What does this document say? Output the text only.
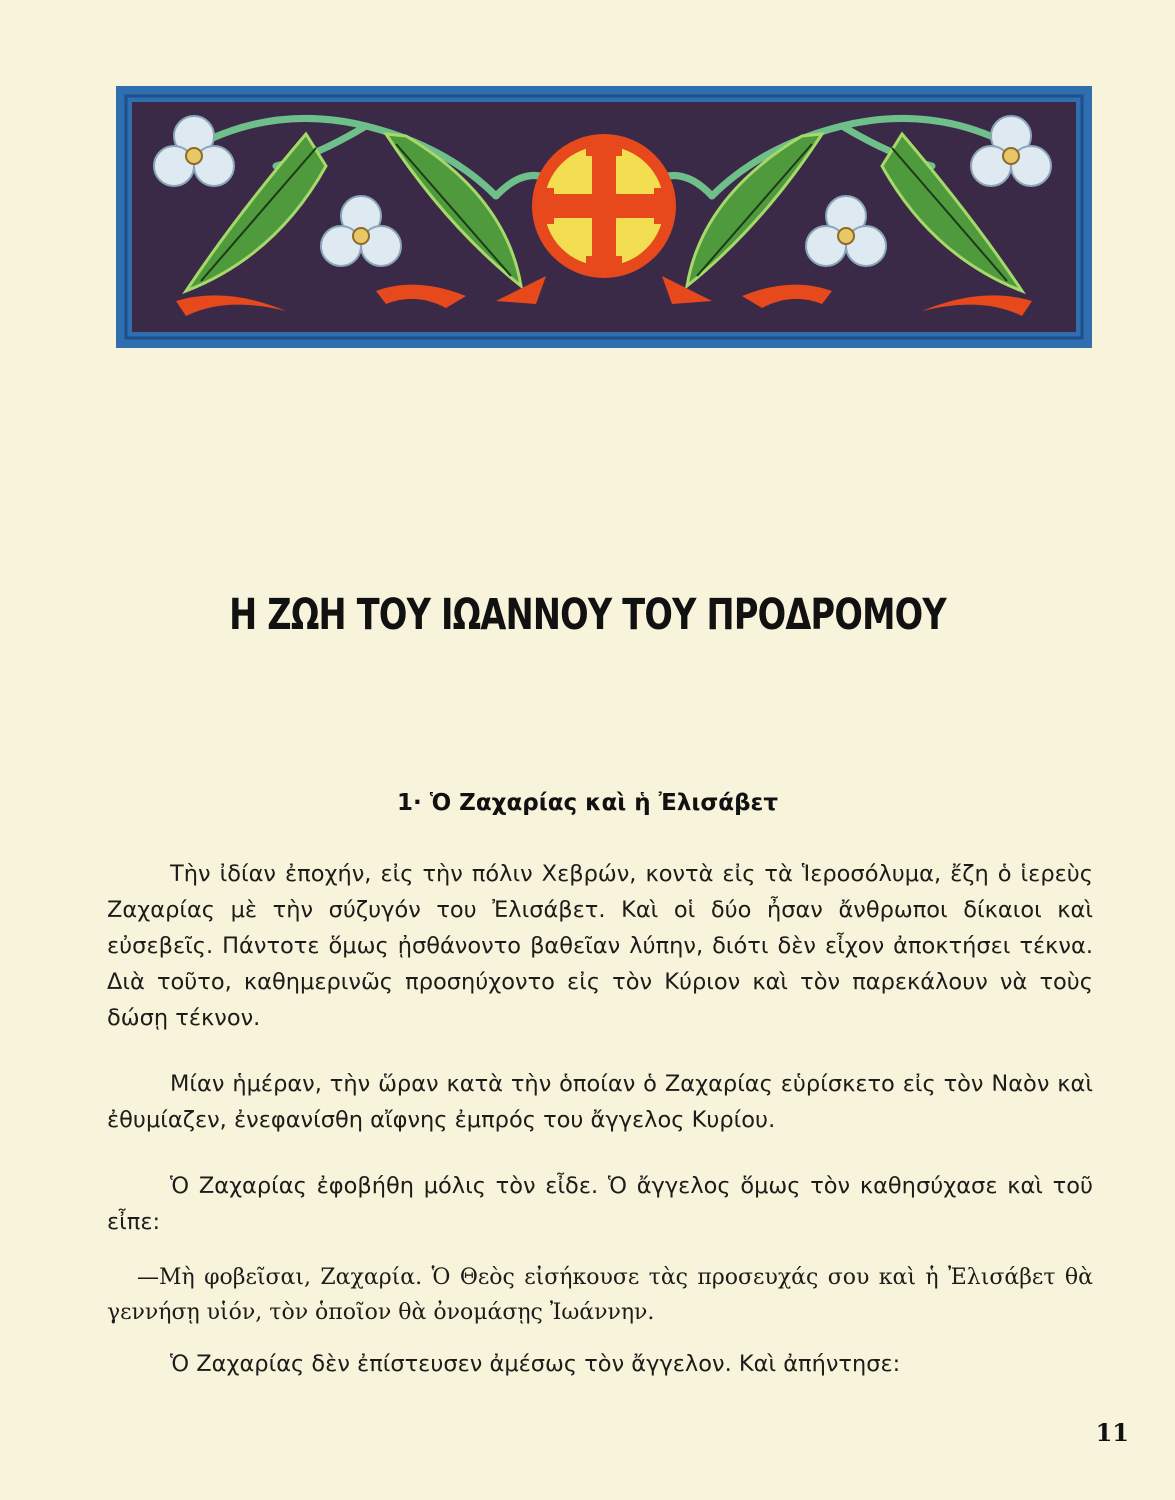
Η ΖΩΗ ΤΟΥ ΙΩΑΝΝΟΥ ΤΟΥ ΠΡΟΔΡΟΜΟΥ
1· Ὁ Ζαχαρίας καὶ ἡ Ἐλισάβετ

Τὴν ἰδίαν ἐποχήν, εἰς τὴν πόλιν Χεβρών, κοντὰ εἰς τὰ Ἱεροσόλυμα, ἔζη ὁ ἱερεὺς Ζαχαρίας μὲ τὴν σύζυγόν του Ἐλισάβετ. Καὶ οἱ δύο ἦσαν ἄνθρωποι δίκαιοι καὶ εὐσεβεῖς. Πάντοτε ὅμως ᾐσθάνοντο βαθεῖαν λύπην, διότι δὲν εἶχον ἀποκτήσει τέκνα. Διὰ τοῦτο, καθημερινῶς προσηύχοντο εἰς τὸν Κύριον καὶ τὸν παρεκάλουν νὰ τοὺς δώσῃ τέκνον.

Μίαν ἡμέραν, τὴν ὥραν κατὰ τὴν ὁποίαν ὁ Ζαχαρίας εὑρίσκετο εἰς τὸν Ναὸν καὶ ἐθυμίαζεν, ἐνεφανίσθη αἴφνης ἐμπρός του ἄγγελος Κυρίου.

Ὁ Ζαχαρίας ἐφοβήθη μόλις τὸν εἶδε. Ὁ ἄγγελος ὅμως τὸν καθησύχασε καὶ τοῦ εἶπε:

—Μὴ φοβεῖσαι, Ζαχαρία. Ὁ Θεὸς εἰσήκουσε τὰς προσευχάς σου καὶ ἡ Ἐλισάβετ θὰ γεννήσῃ υἱόν, τὸν ὁποῖον θὰ ὀνομάσῃς Ἰωάννην.

Ὁ Ζαχαρίας δὲν ἐπίστευσεν ἀμέσως τὸν ἄγγελον. Καὶ ἀπήντησε:

11
